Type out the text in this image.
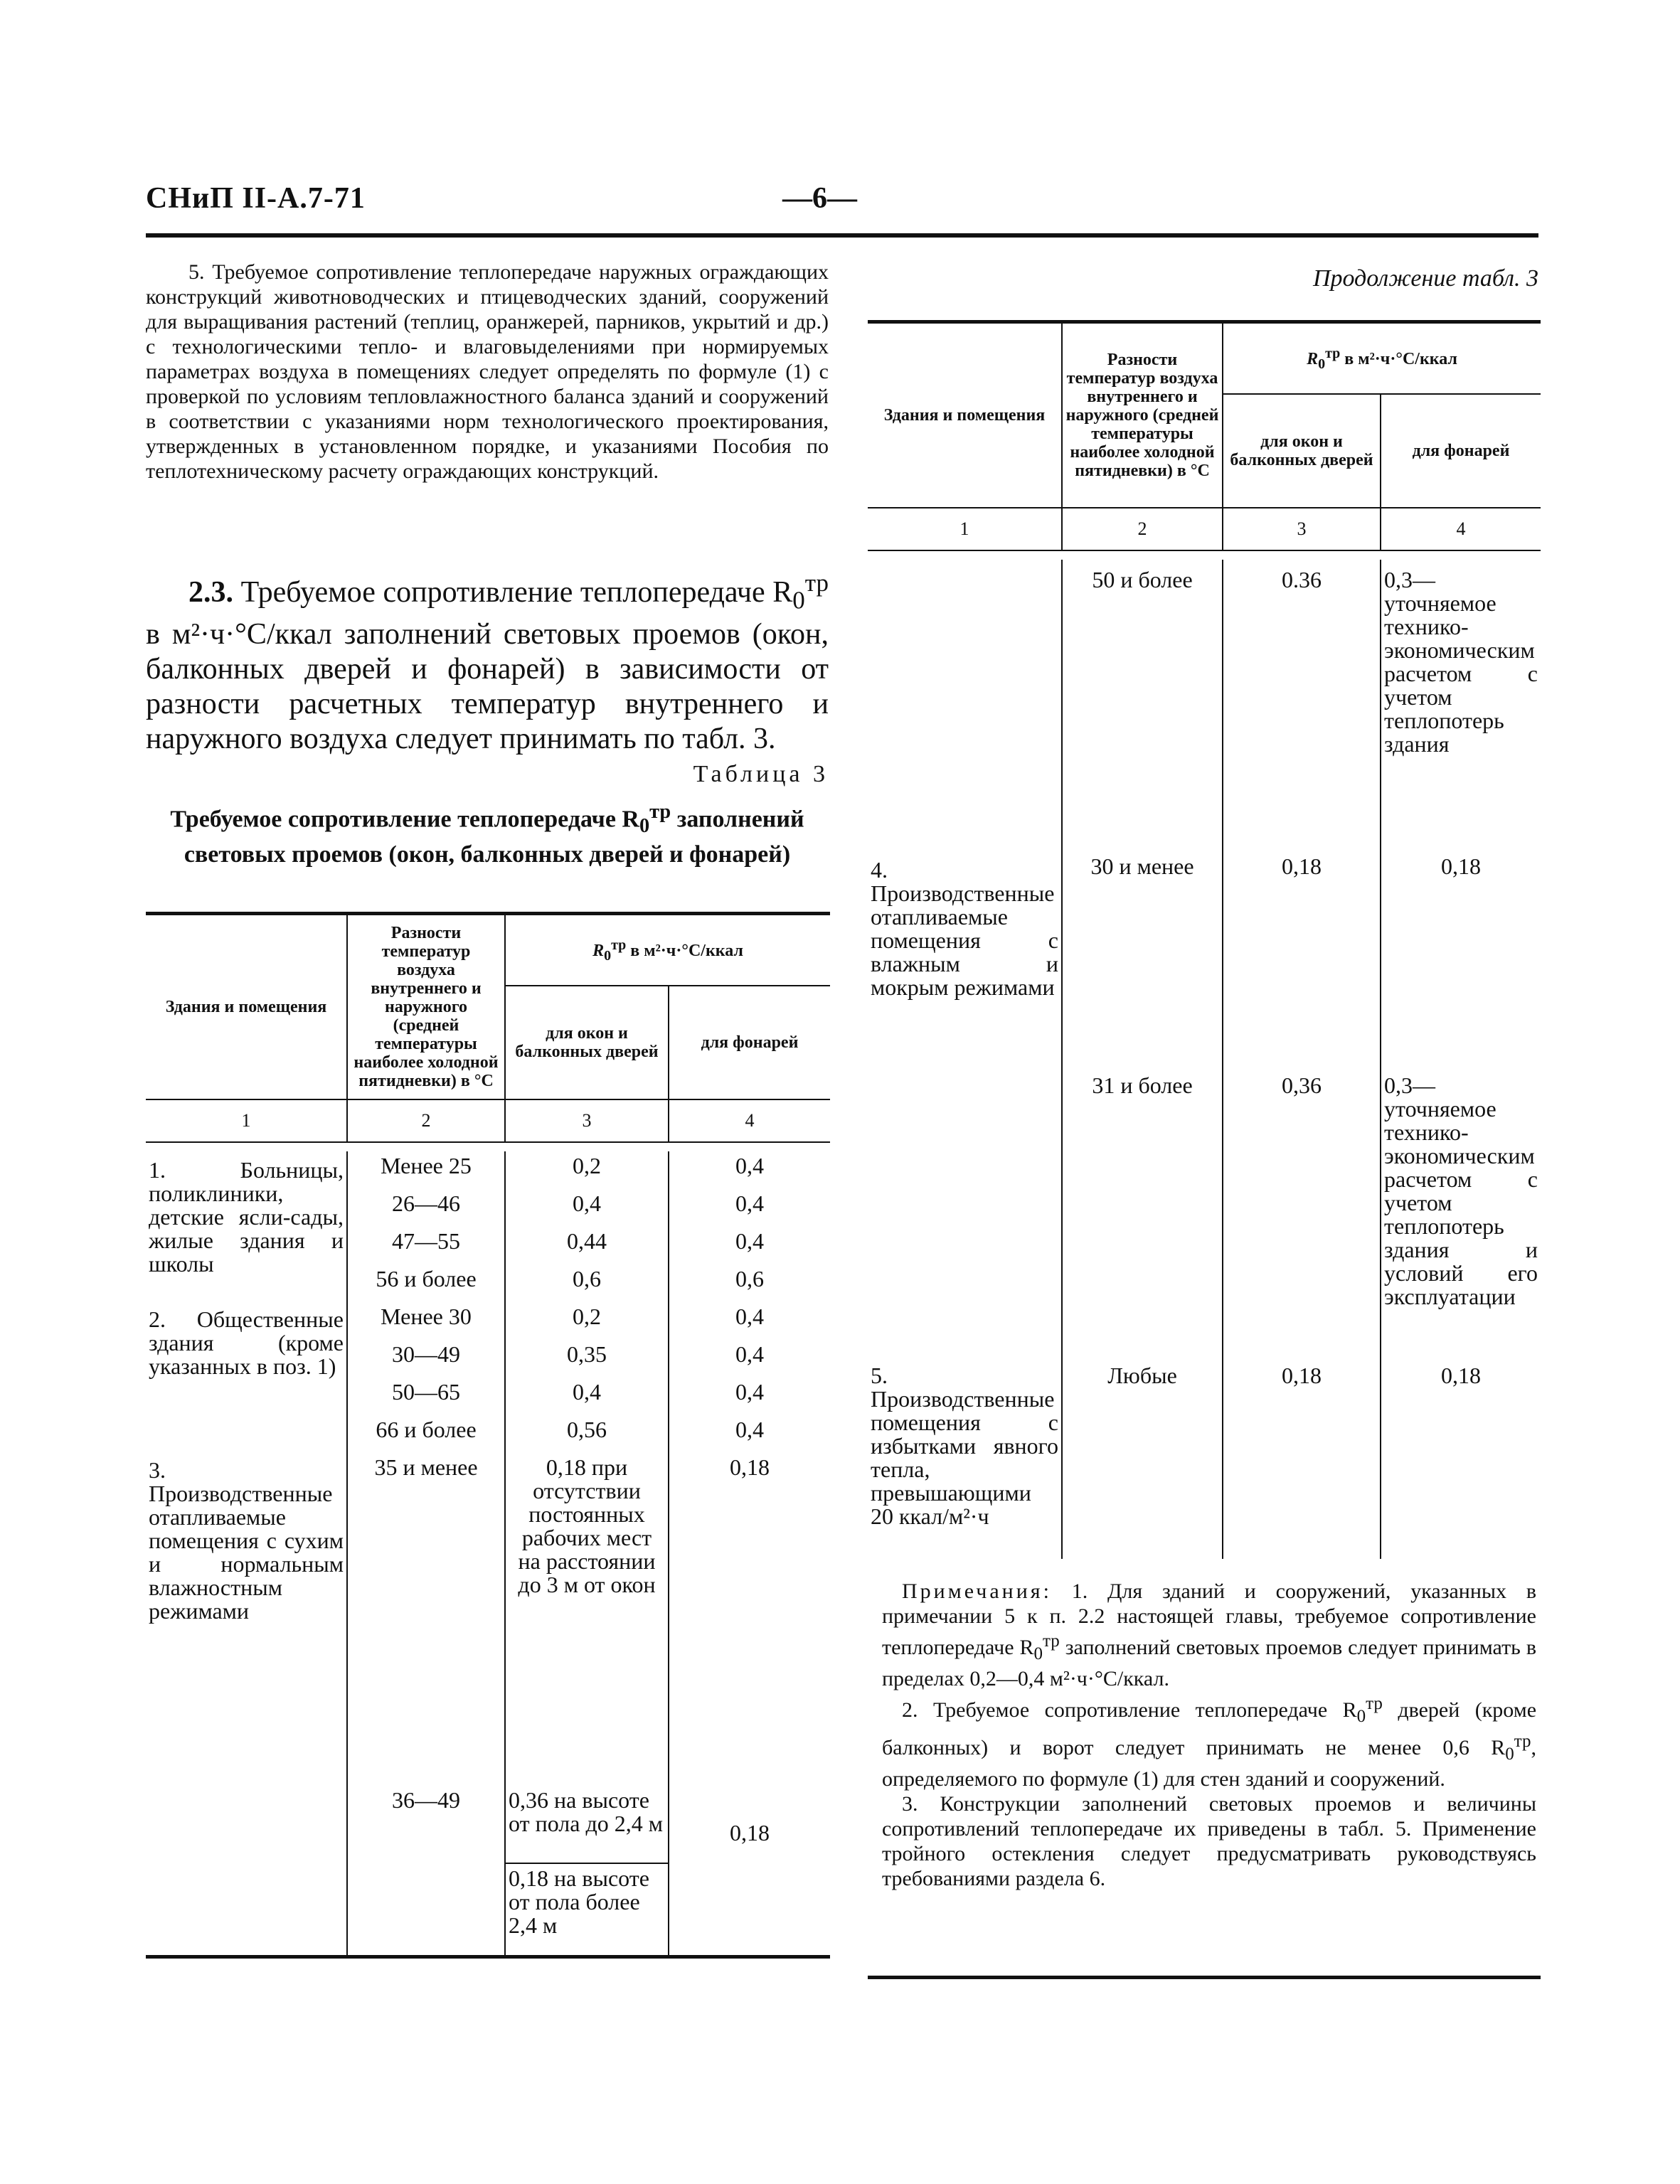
СНиП II-А.7-71	—6—
5. Требуемое сопротивление теплопередаче наружных ограждающих конструкций животноводческих и птицеводческих зданий, сооружений для выращивания растений (теплиц, оранжерей, парников, укрытий и др.) с технологическими тепло- и влаговыделениями при нормируемых параметрах воздуха в помещениях следует определять по формуле (1) с проверкой по условиям тепловлажностного баланса зданий и сооружений в соответствии с указаниями норм технологического проектирования, утвержденных в установленном порядке, и указаниями Пособия по теплотехническому расчету ограждающих конструкций.
2.3. Требуемое сопротивление теплопередаче $R_0^{тр}$ в м²·ч·°С/ккал заполнений световых проемов (окон, балконных дверей и фонарей) в зависимости от разности расчетных температур внутреннего и наружного воздуха следует принимать по табл. 3.
Таблица 3
Требуемое сопротивление теплопередаче $R_0^{тр}$ заполнений световых проемов (окон, балконных дверей и фонарей)
Здания и помещения	Разности температур воздуха внутреннего и наружного (средней температуры наиболее холодной пятидневки) в °С	$R_0^{тр}$ в м²·ч·°С/ккал	
		для окон и балконных дверей	для фонарей
1	2	3	4

1. Больницы, поликлиники, детские ясли-сады, жилые здания и школы	Менее 25	0,2	0,4
	26—46	0,4	0,4
	47—55	0,44	0,4
	56 и более	0,6	0,6
2. Общественные здания (кроме указанных в поз. 1)	Менее 30	0,2	0,4
	30—49	0,35	0,4
	50—65	0,4	0,4
	66 и более	0,56	0,4
3. Производственные отапливаемые помещения с сухим и нормальным влажностным режимами	35 и менее	0,18 при отсутствии постоянных рабочих мест на расстоянии до 3 м от окон	0,18
	36—49	0,36 на высоте от пола до 2,4 м	0,18
		0,18 на высоте от пола более 2,4 м	
Продолжение табл. 3
Здания и помещения	Разности температур воздуха внутреннего и наружного (средней температуры наиболее холодной пятидневки) в °С	$R_0^{тр}$ в м²·ч·°С/ккал	
		для окон и балконных дверей	для фонарей
1	2	3	4

4. Производственные отапливаемые помещения с влажным и мокрым режимами	50 и более	0.36	0,3—уточняемое технико-экономическим расчетом с учетом теплопотерь здания
	30 и менее	0,18	0,18
	31 и более	0,36	0,3— уточняемое технико-экономическим расчетом с учетом теплопотерь здания и условий его эксплуатации
5. Производственные помещения с избытками явного тепла, превышающими 20 ккал/м²·ч	Любые	0,18	0,18

Примечания: 1. Для зданий и сооружений, указанных в примечании 5 к п. 2.2 настоящей главы, требуемое сопротивление теплопередаче $R_0^{тр}$ заполнений световых проемов следует принимать в пределах 0,2—0,4 м²·ч·°С/ккал.

2. Требуемое сопротивление теплопередаче $R_0^{тр}$ дверей (кроме балконных) и ворот следует принимать не менее 0,6 $R_0^{тр}$, определяемого по формуле (1) для стен зданий и сооружений.

3. Конструкции заполнений световых проемов и величины сопротивлений теплопередаче их приведены в табл. 5. Применение тройного остекления следует предусматривать руководствуясь требованиями раздела 6.
